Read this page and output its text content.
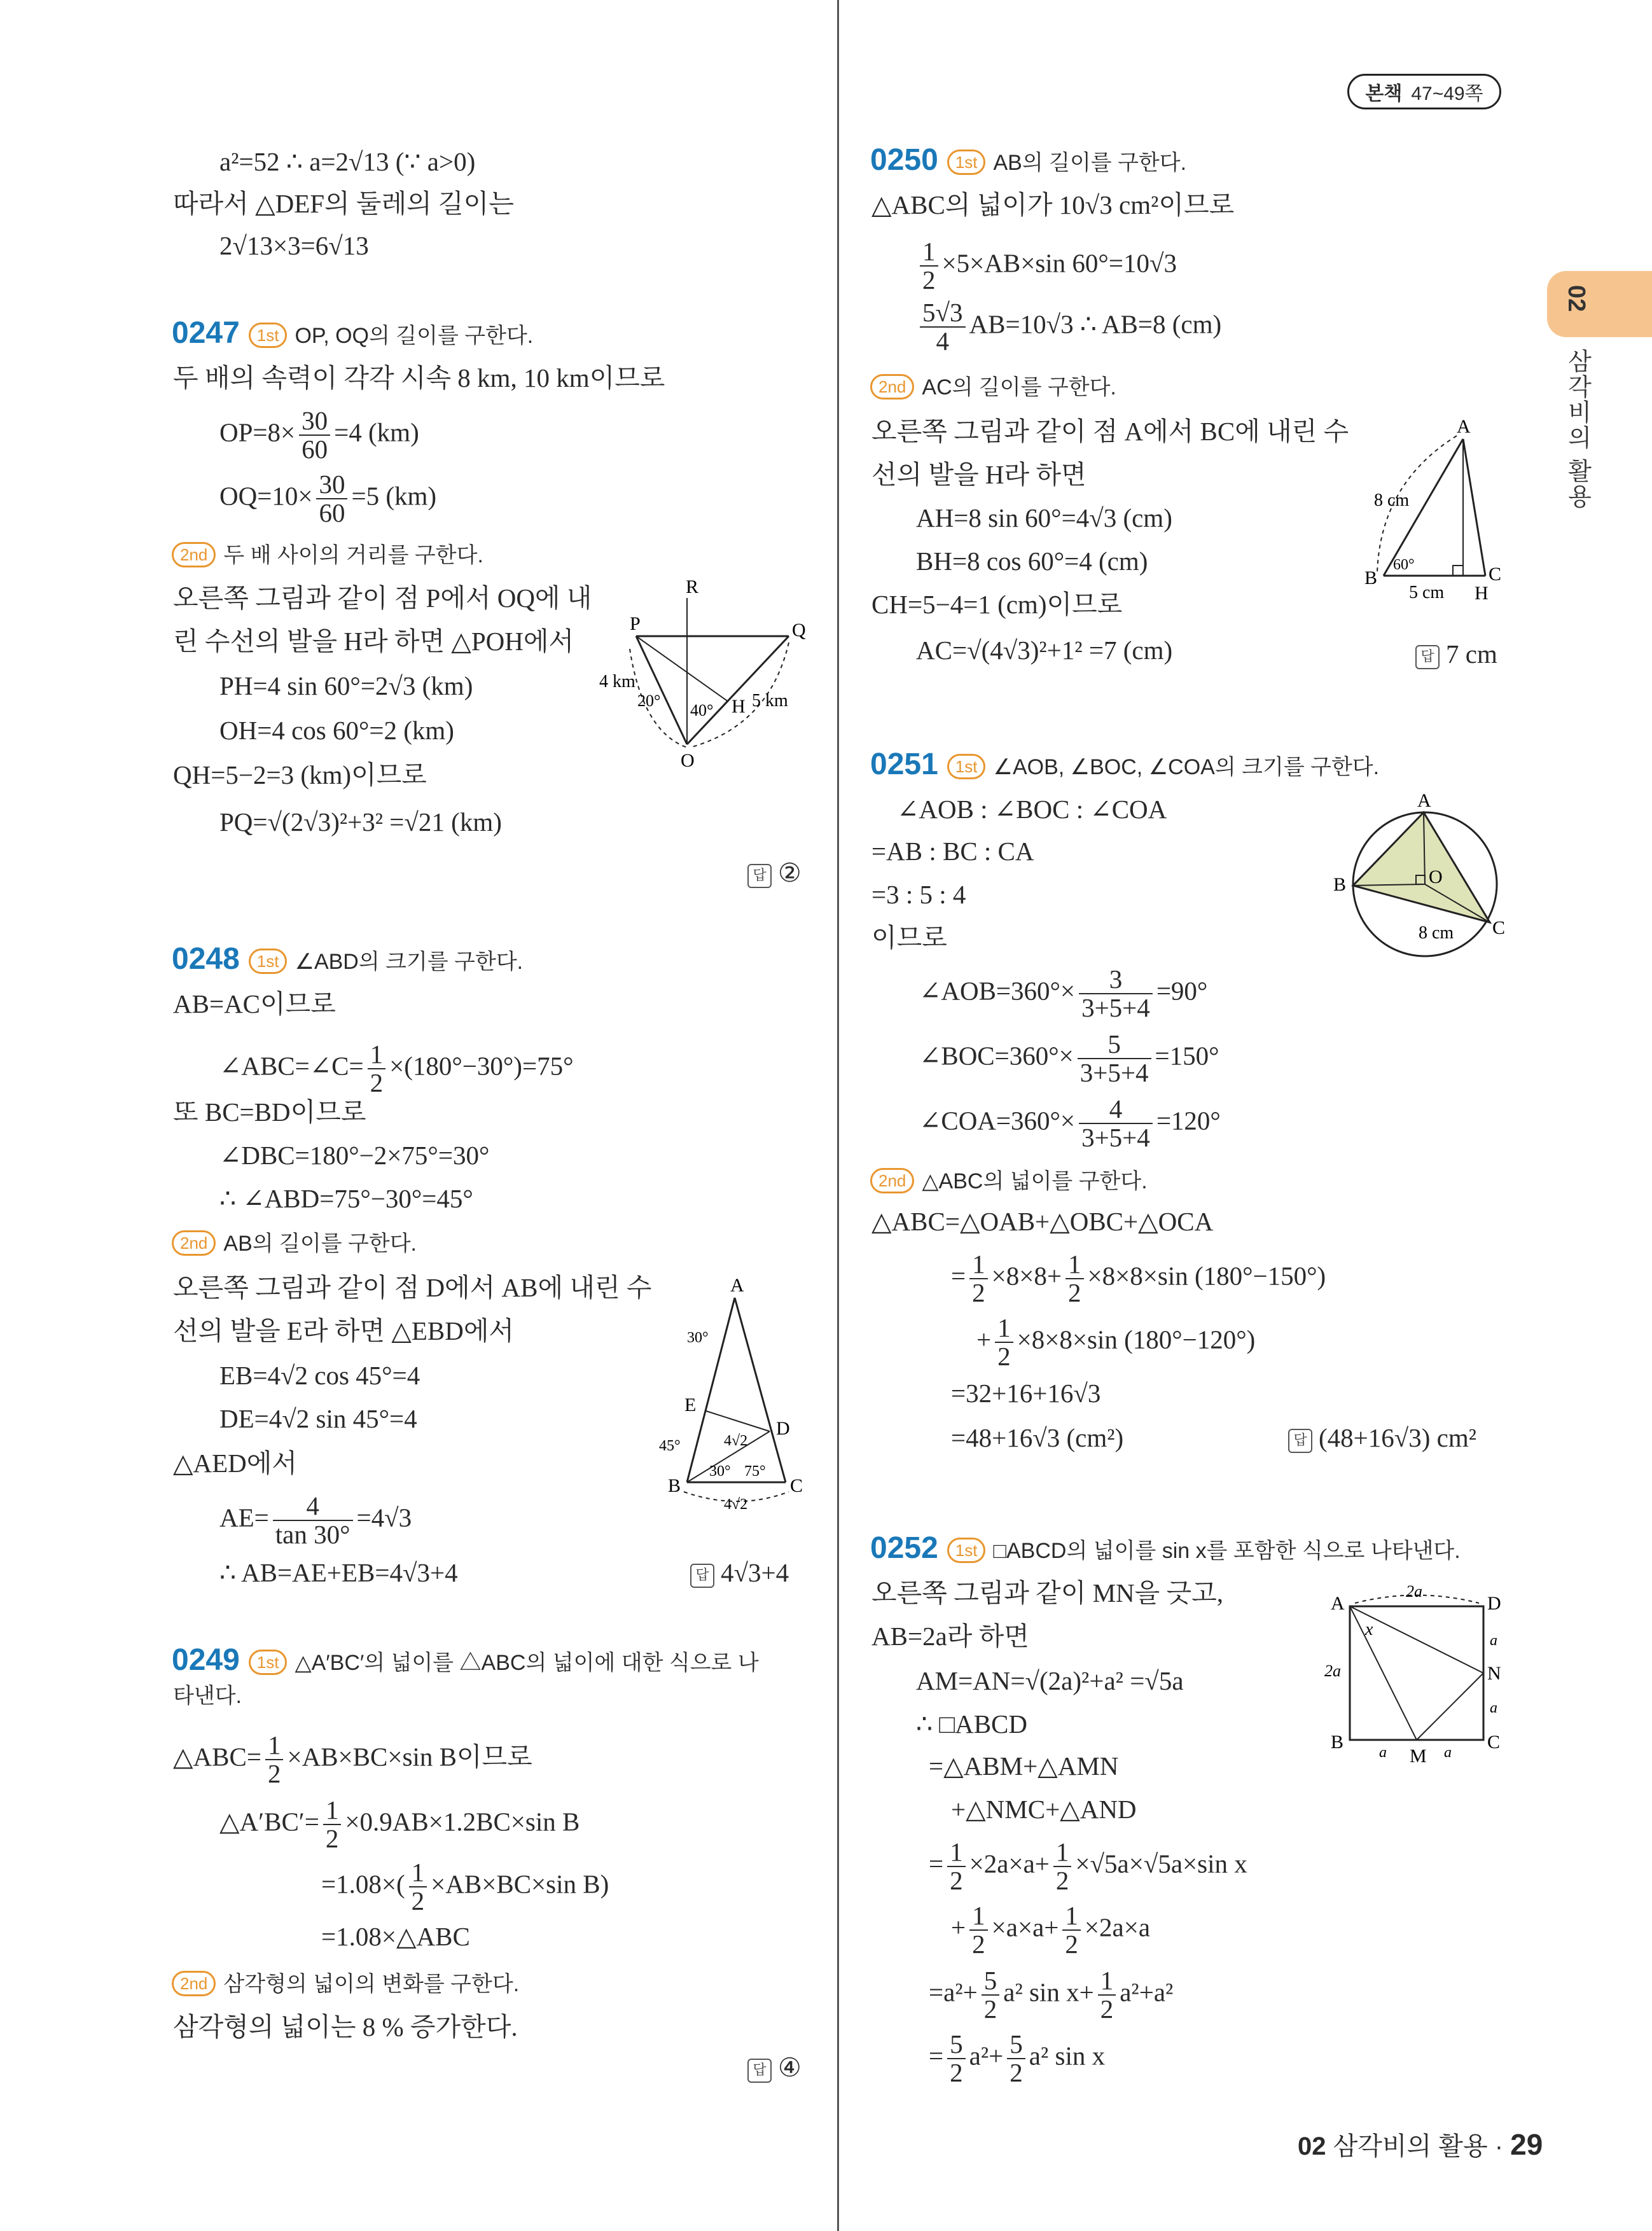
본책 47~49쪽
02
삼각비의 활용
a²=52 ∴ a=2√13 (∵ a>0)
따라서 △DEF의 둘레의 길이는
2√13×3=6√13
0247 1st OP, OQ의 길이를 구한다.
두 배의 속력이 각각 시속 8 km, 10 km이므로
$OP=8\times \frac{30}{60} =4$ (km)
$OQ=10\times \frac{30}{60} =5$ (km)
2nd 두 배 사이의 거리를 구한다.
오른쪽 그림과 같이 점 P에서 OQ에 내
린 수선의 발을 H라 하면 △POH에서
PH=4 sin 60°=2√3 (km)
OH=4 cos 60°=2 (km)
QH=5−2=3 (km)이므로
PQ=√(2√3)²+3² =√21 (km)
답 ②
R
P	Q
O
H
4 km
5 km
20°
40°
0248 1st ∠ABD의 크기를 구한다.
AB=AC이므로
∠ABC=∠C= $\frac{1}{2} \times(180^\circ-30^\circ)=75^\circ$
또 BC=BD이므로
∠DBC=180°−2×75°=30°
∴ ∠ABD=75°−30°=45°
2nd AB의 길이를 구한다.
오른쪽 그림과 같이 점 D에서 AB에 내린 수
선의 발을 E라 하면 △EBD에서
EB=4√2 cos 45°=4
DE=4√2 sin 45°=4
△AED에서
$AE= \frac{4}{\tan 30^\circ} =4√3$
∴ AB=AE+EB=4√3+4	답 4√3+4
A
B	C
D
E
30°
45°
30° 75°
4√2
4√2
0249 1st △A′BC′의 넓이를 △ABC의 넓이에 대한 식으로 나
타낸다.
△ABC= $\frac{1}{2} \times AB\times BC\times\sin$ B이므로
△A′BC′= $\frac{1}{2} \times 0.9AB\times 1.2BC\times\sin$ B
$=1.08\times( \frac{1}{2} \times AB\times BC\times\sin$ B)
=1.08×△ABC
2nd 삼각형의 넓이의 변화를 구한다.
삼각형의 넓이는 8 % 증가한다.
답 ④
0250 1st AB의 길이를 구한다.
△ABC의 넓이가 10√3 cm²이므로
$\frac{1}{2} \times 5\times AB\times\sin$ 60°=10√3
$\frac{5√3}{4} AB=10√3$ ∴ AB=8 (cm)
2nd AC의 길이를 구한다.
오른쪽 그림과 같이 점 A에서 BC에 내린 수
선의 발을 H라 하면
AH=8 sin 60°=4√3 (cm)
BH=8 cos 60°=4 (cm)
CH=5−4=1 (cm)이므로
AC=√(4√3)²+1² =7 (cm)	답 7 cm
A
B	C
H
8 cm
5 cm
60°
0251 1st ∠AOB, ∠BOC, ∠COA의 크기를 구한다.
∠AOB : ∠BOC : ∠COA
=AB : BC : CA
=3 : 5 : 4
이므로
∠AOB=360°× $\frac{3}{3+5+4} =90^\circ$
∠BOC=360°× $\frac{5}{3+5+4} =150^\circ$
∠COA=360°× $\frac{4}{3+5+4} =120^\circ$
2nd △ABC의 넓이를 구한다.
△ABC=△OAB+△OBC+△OCA
= $\frac{1}{2} \times 8\times 8+ \frac{1}{2} \times 8\times 8\times\sin$ (180°−150°)
+ $\frac{1}{2} \times 8\times 8\times\sin$ (180°−120°)
=32+16+16√3
=48+16√3 (cm²)	답 (48+16√3) cm²
A
B
C
O
8 cm
0252 1st □ABCD의 넓이를 sin x를 포함한 식으로 나타낸다.
오른쪽 그림과 같이 MN을 긋고,
AB=2a라 하면
AM=AN=√(2a)²+a² =√5a
∴ □ABCD
=△ABM+△AMN
+△NMC+△AND
= $\frac{1}{2} \times 2a\times a+ \frac{1}{2} \times√5a\times√5a\times\sin$ x
+ $\frac{1}{2} \times a\times a+ \frac{1}{2} \times 2a\times a$
$=a^2+ \frac{5}{2} a^2$ $\sin x+ \frac{1}{2} a^2+a^2$
= $\frac{5}{2} a^2+ \frac{5}{2} a^2$ sin x
A
B	C
D
M
N
x
2a
2a
a
a
a	a
02 삼각비의 활용 · 29
